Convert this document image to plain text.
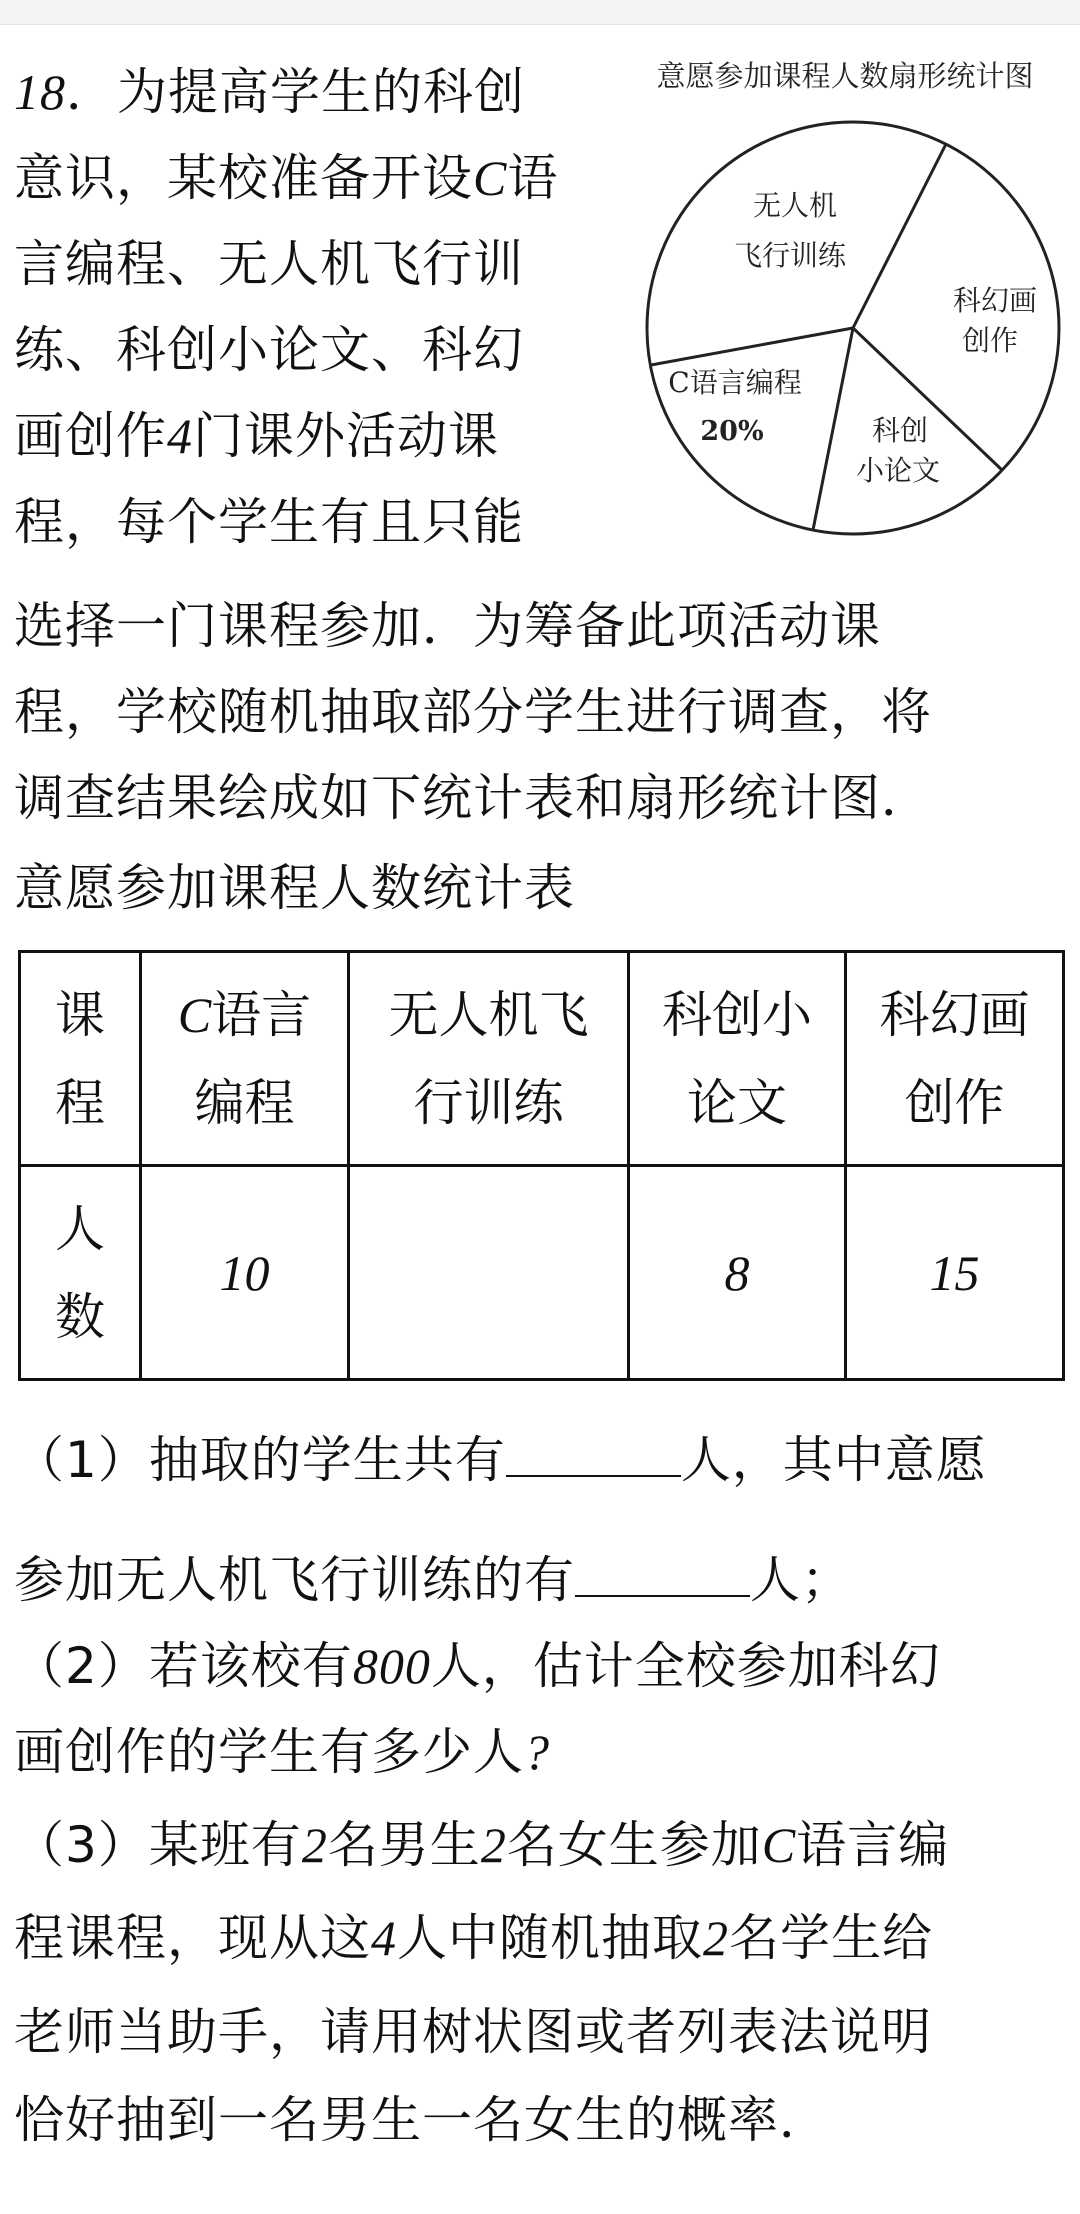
18．为提高学生的科创
意识，某校准备开设C语
言编程、无人机飞行训
练、科创小论文、科幻
画创作4门课外活动课
程，每个学生有且只能
选择一门课程参加．为筹备此项活动课
程，学校随机抽取部分学生进行调查，将
调查结果绘成如下统计表和扇形统计图．
意愿参加课程人数统计表
意愿参加课程人数扇形统计图
无人机
飞行训练
科幻画
创作
科创
小论文
C语言编程
20%
课
程	C语言
编程	无人机飞
行训练	科创小
论文	科幻画
创作
人
数	10		8	15
（1）抽取的学生共有	人，其中意愿
参加无人机飞行训练的有	人；
（2）若该校有800人，估计全校参加科幻
画创作的学生有多少人?
（3）某班有2名男生2名女生参加C语言编
程课程，现从这4人中随机抽取2名学生给
老师当助手，请用树状图或者列表法说明
恰好抽到一名男生一名女生的概率．
